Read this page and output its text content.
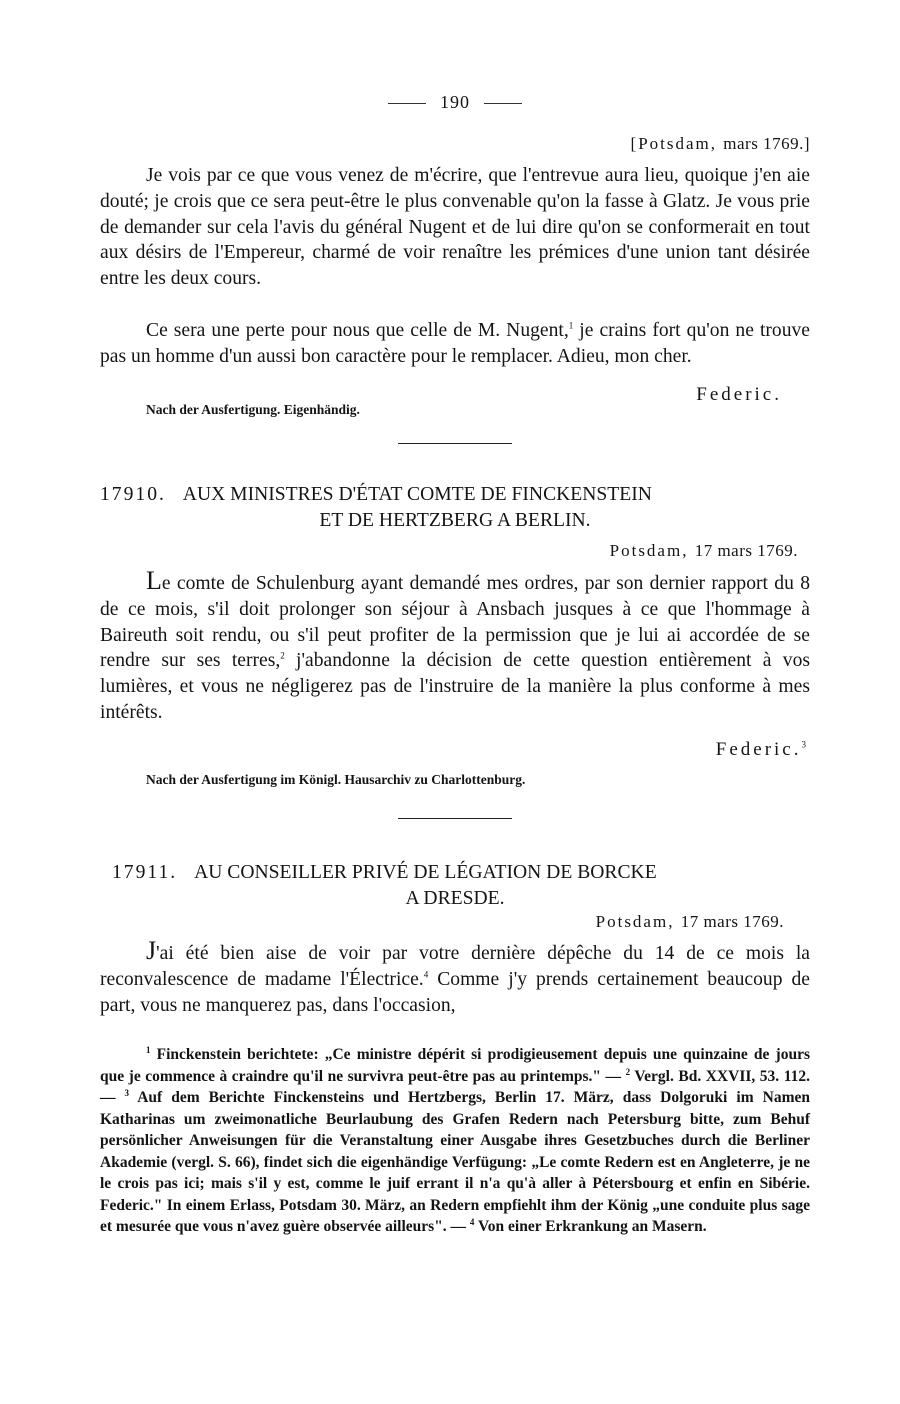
190
[Potsdam, mars 1769.]
Je vois par ce que vous venez de m'écrire, que l'entrevue aura lieu, quoique j'en aie douté; je crois que ce sera peut-être le plus convenable qu'on la fasse à Glatz. Je vous prie de demander sur cela l'avis du général Nugent et de lui dire qu'on se conformerait en tout aux désirs de l'Empereur, charmé de voir renaître les prémices d'une union tant désirée entre les deux cours.
Ce sera une perte pour nous que celle de M. Nugent,$^1$ je crains fort qu'on ne trouve pas un homme d'un aussi bon caractère pour le remplacer. Adieu, mon cher.
Federic.
Nach der Ausfertigung. Eigenhändig.
17910. AUX MINISTRES D'ÉTAT COMTE DE FINCKENSTEIN
ET DE HERTZBERG A BERLIN.
Potsdam, 17 mars 1769.
Le comte de Schulenburg ayant demandé mes ordres, par son dernier rapport du 8 de ce mois, s'il doit prolonger son séjour à Ansbach jusques à ce que l'hommage à Baireuth soit rendu, ou s'il peut profiter de la permission que je lui ai accordée de se rendre sur ses terres,$^2$ j'abandonne la décision de cette question entièrement à vos lumières, et vous ne négligerez pas de l'instruire de la manière la plus conforme à mes intérêts.
Federic.$^3$
Nach der Ausfertigung im Königl. Hausarchiv zu Charlottenburg.
17911. AU CONSEILLER PRIVÉ DE LÉGATION DE BORCKE
A DRESDE.
Potsdam, 17 mars 1769.
J'ai été bien aise de voir par votre dernière dépêche du 14 de ce mois la reconvalescence de madame l'Électrice.$^4$ Comme j'y prends certainement beaucoup de part, vous ne manquerez pas, dans l'occasion,

$^1$ Finckenstein berichtete: „Ce ministre dépérit si prodigieusement depuis une quinzaine de jours que je commence à craindre qu'il ne survivra peut-être pas au printemps." — $^2$ Vergl. Bd. XXVII, 53. 112. — $^3$ Auf dem Berichte Finckensteins und Hertzbergs, Berlin 17. März, dass Dolgoruki im Namen Katharinas um zweimonatliche Beurlaubung des Grafen Redern nach Petersburg bitte, zum Behuf persönlicher Anweisungen für die Veranstaltung einer Ausgabe ihres Gesetzbuches durch die Berliner Akademie (vergl. S. 66), findet sich die eigenhändige Verfügung: „Le comte Redern est en Angleterre, je ne le crois pas ici; mais s'il y est, comme le juif errant il n'a qu'à aller à Pétersbourg et enfin en Sibérie. Federic." In einem Erlass, Potsdam 30. März, an Redern empfiehlt ihm der König „une conduite plus sage et mesurée que vous n'avez guère observée ailleurs". — $^4$ Von einer Erkrankung an Masern.
